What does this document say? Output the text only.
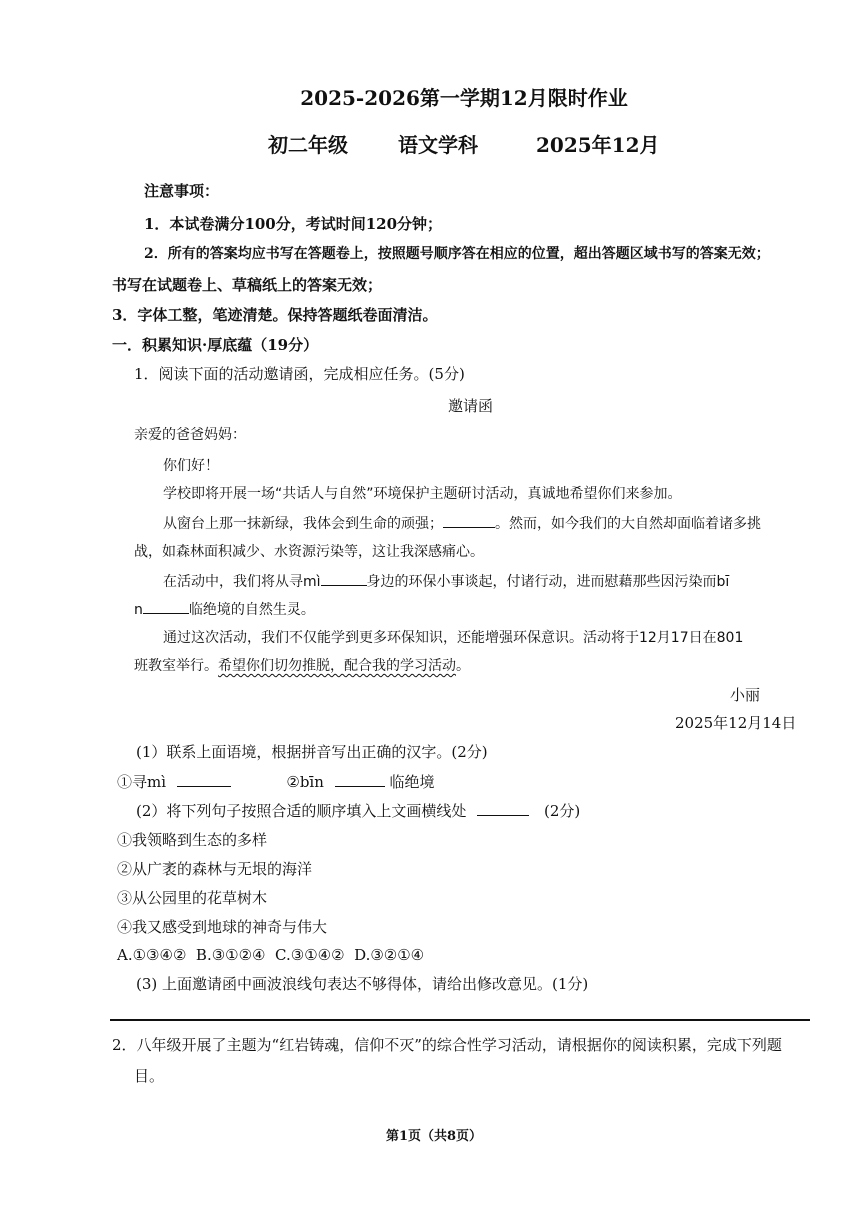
2025-2026第一学期12月限时作业
初二年级	语文学科	2025年12月
注意事项：
1．本试卷满分100分，考试时间120分钟；
2．所有的答案均应书写在答题卷上，按照题号顺序答在相应的位置，超出答题区域书写的答案无效；
书写在试题卷上、草稿纸上的答案无效；
3．字体工整，笔迹清楚。保持答题纸卷面清洁。
一．积累知识·厚底蕴（19分）
1．阅读下面的活动邀请函，完成相应任务。(5分)
邀请函
亲爱的爸爸妈妈：
你们好！
学校即将开展一场“共话人与自然”环境保护主题研讨活动，真诚地希望你们来参加。
从窗台上那一抹新绿，我体会到生命的顽强；	。然而，如今我们的大自然却面临着诸多挑
战，如森林面积减少、水资源污染等，这让我深感痛心。
在活动中，我们将从寻mì	身边的环保小事谈起，付诸行动，进而慰藉那些因污染而bī
n	临绝境的自然生灵。
通过这次活动，我们不仅能学到更多环保知识，还能增强环保意识。活动将于12月17日在801
班教室举行。希望你们切勿推脱，配合我的学习活动。
小丽
2025年12月14日
(1）联系上面语境，根据拼音写出正确的汉字。(2分)
①寻mì	②bīn	临绝境
(2）将下列句子按照合适的顺序填入上文画横线处	(2分)
①我领略到生态的多样
②从广袤的森林与无垠的海洋
③从公园里的花草树木
④我又感受到地球的神奇与伟大
A.①③④②  B.③①②④  C.③①④②  D.③②①④
(3) 上面邀请函中画波浪线句表达不够得体，请给出修改意见。(1分)
2．八年级开展了主题为“红岩铸魂，信仰不灭”的综合性学习活动，请根据你的阅读积累，完成下列题
目。
第1页（共8页）
